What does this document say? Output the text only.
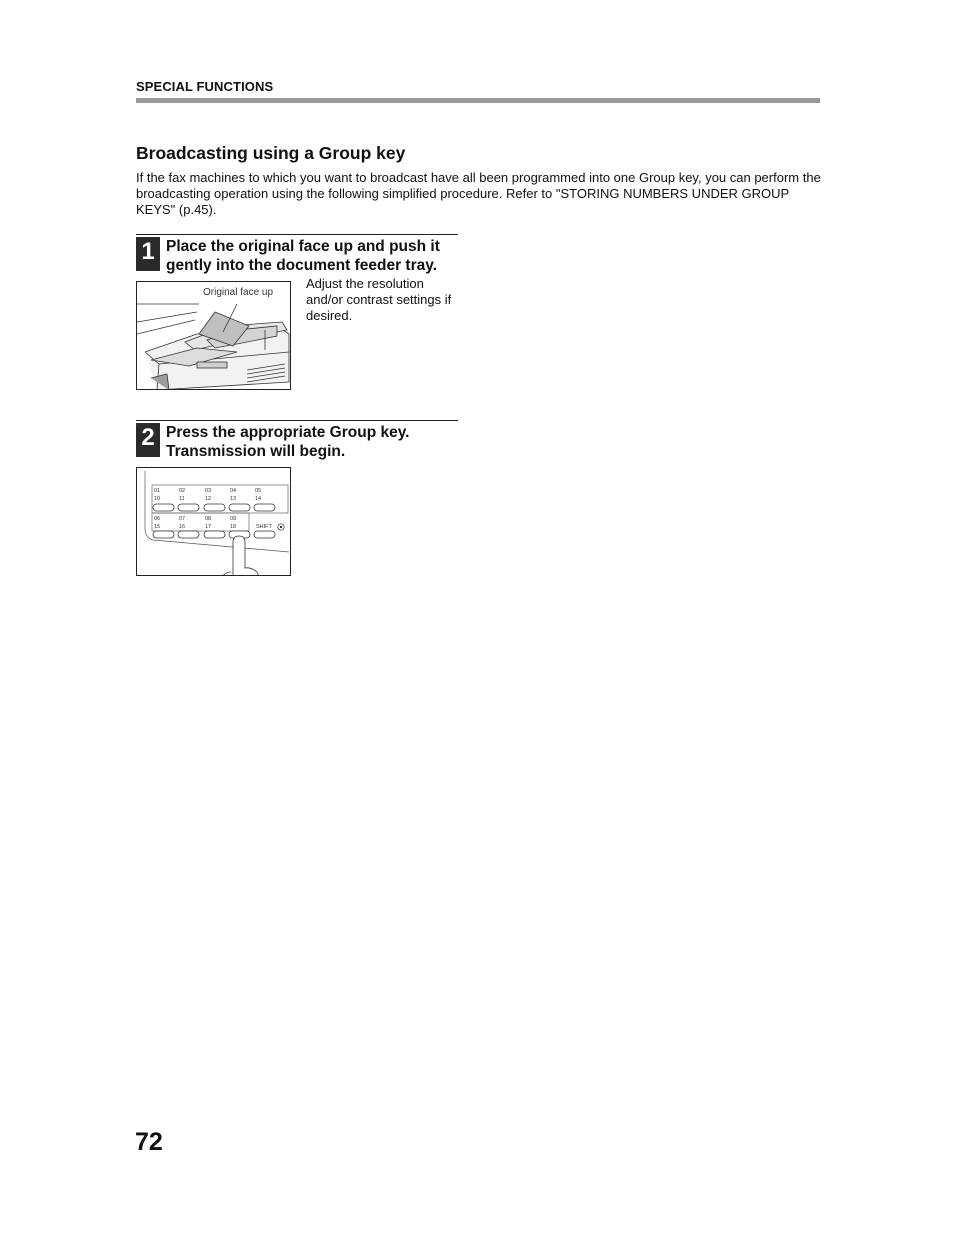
SPECIAL FUNCTIONS
Broadcasting using a Group key

If the fax machines to which you want to broadcast have all been programmed into one Group key, you can perform the broadcasting operation using the following simplified procedure. Refer to "STORING NUMBERS UNDER GROUP KEYS" (p.45).

1 Place the original face up and push it gently into the document feeder tray.

Original face up

Adjust the resolution and/or contrast settings if desired.

2 Press the appropriate Group key. Transmission will begin.

01	02	03	04	05
10	11	12	13	14
06	07	08	09
15	16	17	18	SHIFT
72
